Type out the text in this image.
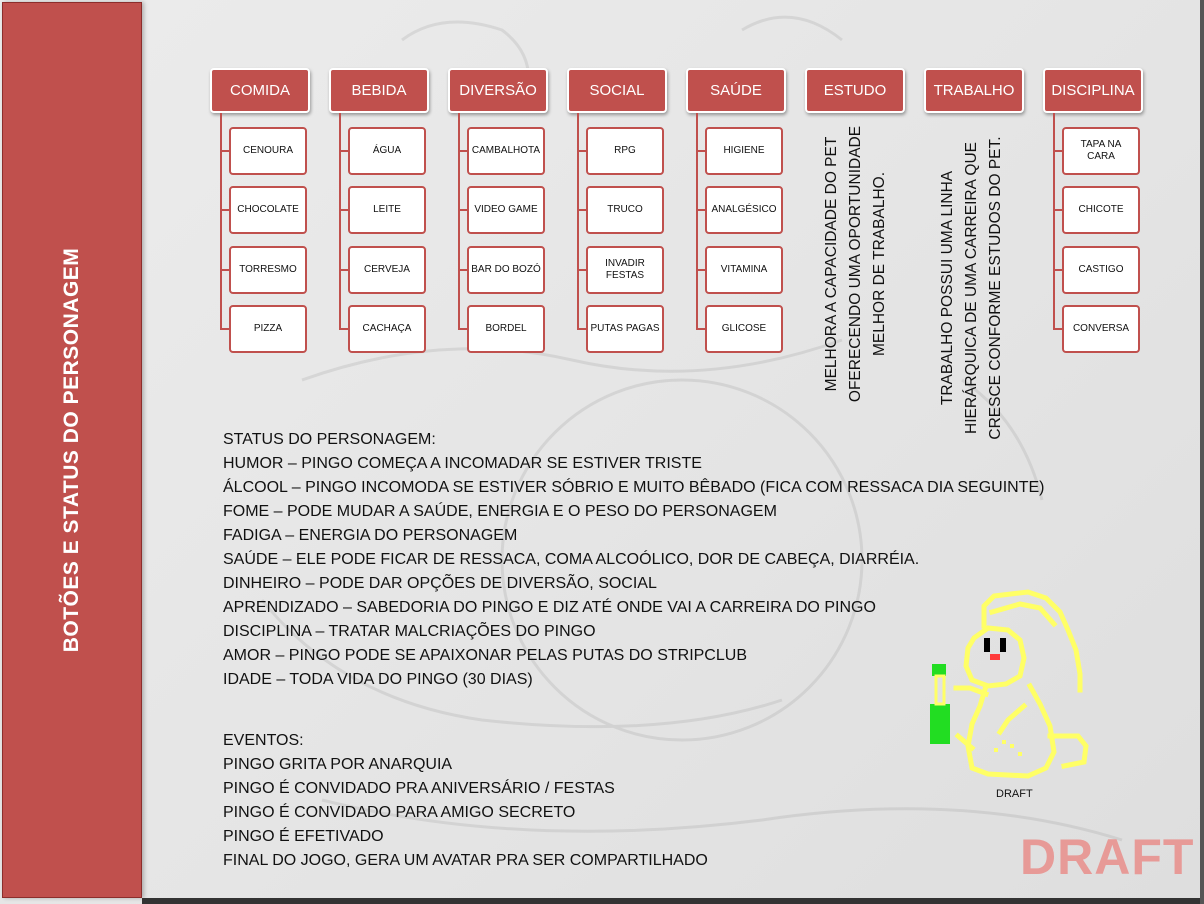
BOTÕES E STATUS DO PERSONAGEM
COMIDA
CENOURA
CHOCOLATE
TORRESMO
PIZZA
BEBIDA
ÁGUA
LEITE
CERVEJA
CACHAÇA
DIVERSÃO
CAMBALHOTA
VIDEO GAME
BAR DO BOZÓ
BORDEL
SOCIAL
RPG
TRUCO
INVADIR FESTAS
PUTAS PAGAS
SAÚDE
HIGIENE
ANALGÉSICO
VITAMINA
GLICOSE
ESTUDO
MELHORA A CAPACIDADE DO PET OFERECENDO UMA OPORTUNIDADE MELHOR DE TRABALHO.
TRABALHO
TRABALHO POSSUI UMA LINHA HIERÁRQUICA DE UMA CARREIRA QUE CRESCE CONFORME ESTUDOS DO PET.
DISCIPLINA
TAPA NA CARA
CHICOTE
CASTIGO
CONVERSA
STATUS DO PERSONAGEM:
HUMOR – PINGO COMEÇA A INCOMADAR SE ESTIVER TRISTE
ÁLCOOL – PINGO INCOMODA SE ESTIVER SÓBRIO E MUITO BÊBADO (FICA COM RESSACA DIA SEGUINTE)
FOME – PODE MUDAR A SAÚDE, ENERGIA E O PESO DO PERSONAGEM
FADIGA – ENERGIA DO PERSONAGEM
SAÚDE – ELE PODE FICAR DE RESSACA, COMA ALCOÓLICO, DOR DE CABEÇA, DIARRÉIA.
DINHEIRO – PODE DAR OPÇÕES DE DIVERSÃO, SOCIAL
APRENDIZADO – SABEDORIA DO PINGO E DIZ ATÉ ONDE VAI A CARREIRA DO PINGO
DISCIPLINA – TRATAR MALCRIAÇÕES DO PINGO
AMOR – PINGO PODE SE APAIXONAR PELAS PUTAS DO STRIPCLUB
IDADE – TODA VIDA DO PINGO (30 DIAS)
EVENTOS:
PINGO GRITA POR ANARQUIA
PINGO É CONVIDADO PRA ANIVERSÁRIO / FESTAS
PINGO É CONVIDADO PARA AMIGO SECRETO
PINGO É EFETIVADO
FINAL DO JOGO, GERA UM AVATAR PRA SER COMPARTILHADO
DRAFT
DRAFT
